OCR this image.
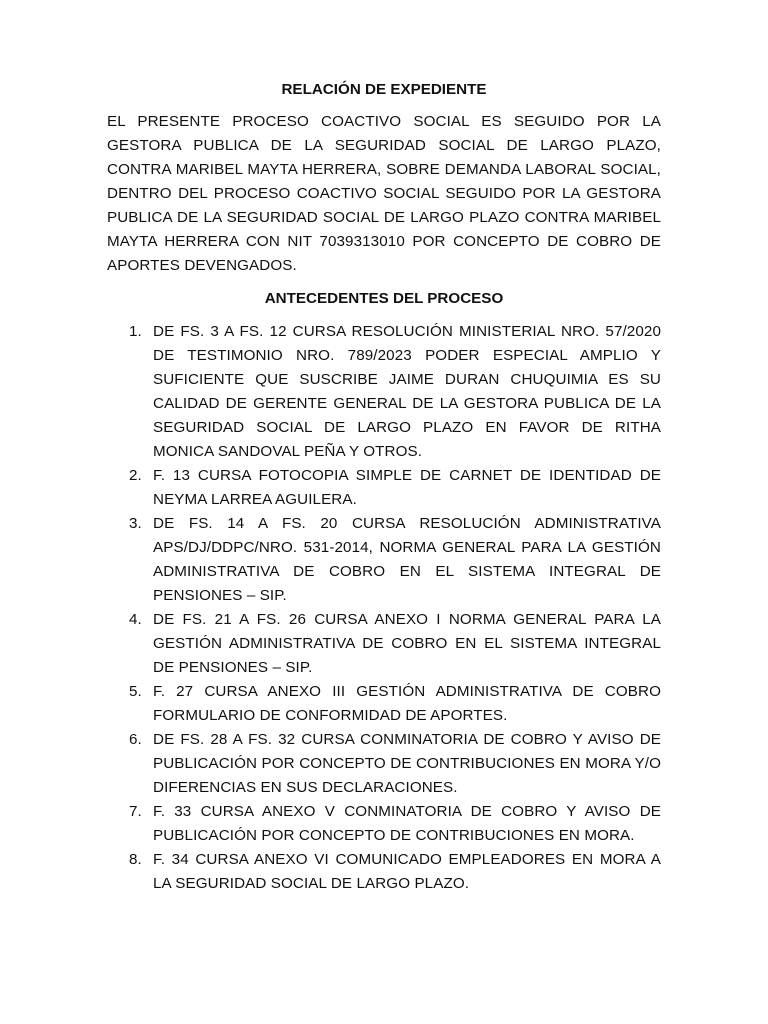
RELACIÓN DE EXPEDIENTE

EL PRESENTE PROCESO COACTIVO SOCIAL ES SEGUIDO POR LA GESTORA PUBLICA DE LA SEGURIDAD SOCIAL DE LARGO PLAZO, CONTRA MARIBEL MAYTA HERRERA, SOBRE DEMANDA LABORAL SOCIAL, DENTRO DEL PROCESO COACTIVO SOCIAL SEGUIDO POR LA GESTORA PUBLICA DE LA SEGURIDAD SOCIAL DE LARGO PLAZO CONTRA MARIBEL MAYTA HERRERA CON NIT 7039313010 POR CONCEPTO DE COBRO DE APORTES DEVENGADOS.

ANTECEDENTES DEL PROCESO
1. DE FS. 3 A FS. 12 CURSA RESOLUCIÓN MINISTERIAL NRO. 57/2020 DE TESTIMONIO NRO. 789/2023 PODER ESPECIAL AMPLIO Y SUFICIENTE QUE SUSCRIBE JAIME DURAN CHUQUIMIA ES SU CALIDAD DE GERENTE GENERAL DE LA GESTORA PUBLICA DE LA SEGURIDAD SOCIAL DE LARGO PLAZO EN FAVOR DE RITHA MONICA SANDOVAL PEÑA Y OTROS.
2. F. 13 CURSA FOTOCOPIA SIMPLE DE CARNET DE IDENTIDAD DE NEYMA LARREA AGUILERA.
3. DE FS. 14 A FS. 20 CURSA RESOLUCIÓN ADMINISTRATIVA APS/DJ/DDPC/NRO. 531-2014, NORMA GENERAL PARA LA GESTIÓN ADMINISTRATIVA DE COBRO EN EL SISTEMA INTEGRAL DE PENSIONES – SIP.
4. DE FS. 21 A FS. 26 CURSA ANEXO I NORMA GENERAL PARA LA GESTIÓN ADMINISTRATIVA DE COBRO EN EL SISTEMA INTEGRAL DE PENSIONES – SIP.
5. F. 27 CURSA ANEXO III GESTIÓN ADMINISTRATIVA DE COBRO FORMULARIO DE CONFORMIDAD DE APORTES.
6. DE FS. 28 A FS. 32 CURSA CONMINATORIA DE COBRO Y AVISO DE PUBLICACIÓN POR CONCEPTO DE CONTRIBUCIONES EN MORA Y/O DIFERENCIAS EN SUS DECLARACIONES.
7. F. 33 CURSA ANEXO V CONMINATORIA DE COBRO Y AVISO DE PUBLICACIÓN POR CONCEPTO DE CONTRIBUCIONES EN MORA.
8. F. 34 CURSA ANEXO VI COMUNICADO EMPLEADORES EN MORA A LA SEGURIDAD SOCIAL DE LARGO PLAZO.
